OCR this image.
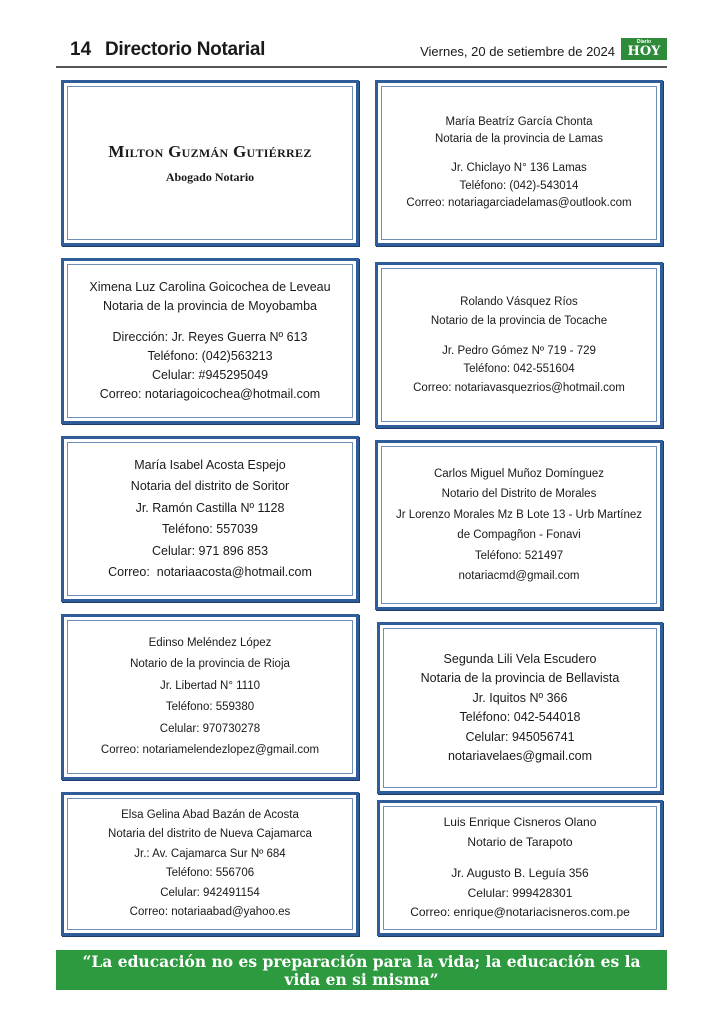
14 Directorio Notarial	Viernes, 20 de setiembre de 2024
Diario
HOY
Milton Guzmán Gutiérrez
Abogado Notario
María Beatríz García Chonta
Notaria de la provincia de Lamas
Jr. Chiclayo N° 136 Lamas
Teléfono: (042)-543014
Correo: notariagarciadelamas@outlook.com
Ximena Luz Carolina Goicochea de Leveau
Notaria de la provincia de Moyobamba
Dirección: Jr. Reyes Guerra Nº 613
Teléfono: (042)563213
Celular: #945295049
Correo: notariagoicochea@hotmail.com
Rolando Vásquez Ríos
Notario de la provincia de Tocache
Jr. Pedro Gómez Nº 719 - 729
Teléfono: 042-551604
Correo: notariavasquezrios@hotmail.com
María Isabel Acosta Espejo
Notaria del distrito de Soritor
Jr. Ramón Castilla Nº 1128
Teléfono: 557039
Celular: 971 896 853
Correo:  notariaacosta@hotmail.com
Carlos Miguel Muñoz Domínguez
Notario del Distrito de Morales
Jr Lorenzo Morales Mz B Lote 13 - Urb Martínez
de Compagñon - Fonavi
Teléfono: 521497
notariacmd@gmail.com
Edinso Meléndez López
Notario de la provincia de Rioja
Jr. Libertad N° 1110
Teléfono: 559380
Celular: 970730278
Correo: notariamelendezlopez@gmail.com
Segunda Lili Vela Escudero
Notaria de la provincia de Bellavista
Jr. Iquitos Nº 366
Teléfono: 042-544018
Celular: 945056741
notariavelaes@gmail.com
Elsa Gelina Abad Bazán de Acosta
Notaria del distrito de Nueva Cajamarca
Jr.: Av. Cajamarca Sur Nº 684
Teléfono: 556706
Celular: 942491154
Correo: notariaabad@yahoo.es
Luis Enrique Cisneros Olano
Notario de Tarapoto
Jr. Augusto B. Leguía 356
Celular: 999428301
Correo: enrique@notariacisneros.com.pe
“La educación no es preparación para la vida; la educación es la
vida en si misma”
